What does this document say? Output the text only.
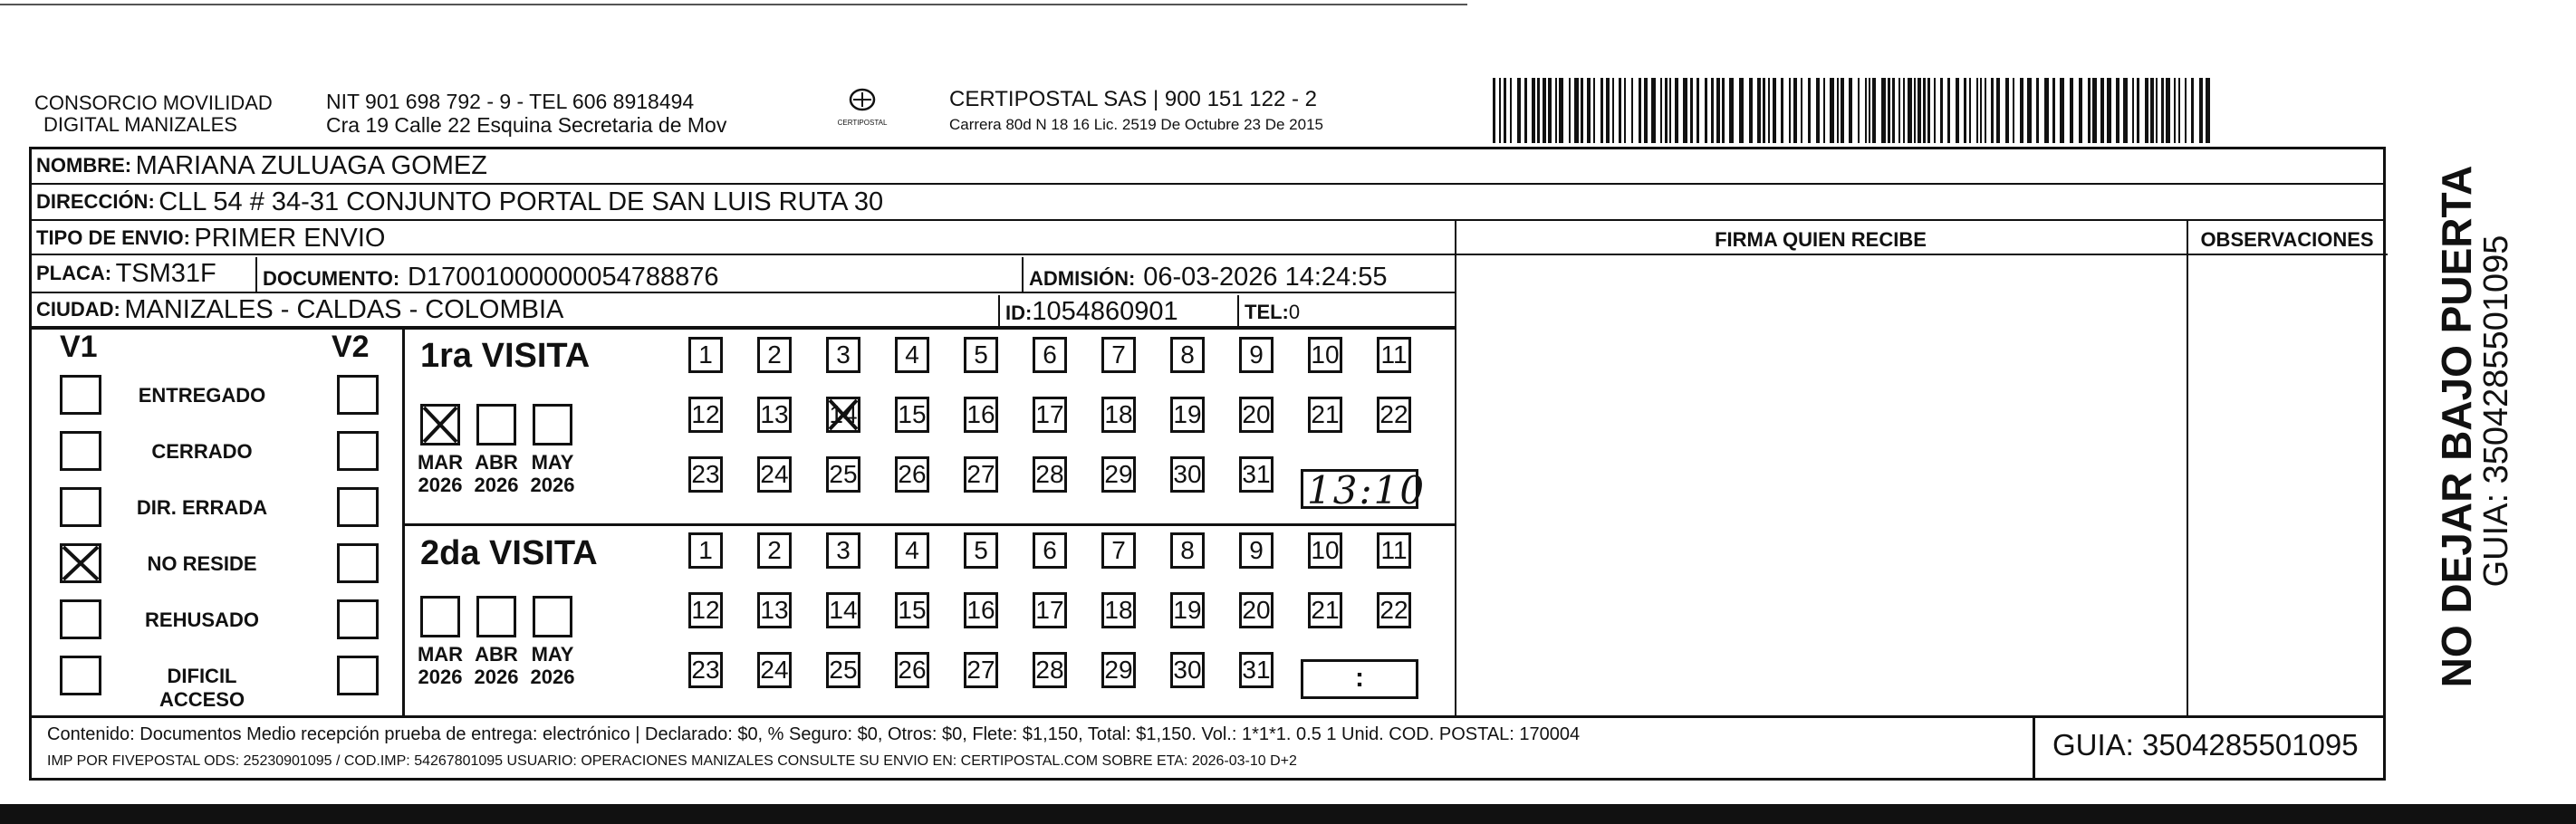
CONSORCIO MOVILIDAD
DIGITAL MANIZALES
NIT 901 698 792 - 9 - TEL 606 8918494
Cra 19 Calle 22 Esquina Secretaria de Mov	CERTIPOSTAL
CERTIPOSTAL SAS | 900 151 122 - 2
Carrera 80d N 18 16 Lic. 2519 De Octubre 23 De 2015
NOMBRE:
MARIANA ZULUAGA GOMEZ
DIRECCIÓN:
CLL 54 # 34-31 CONJUNTO PORTAL DE SAN LUIS RUTA 30
TIPO DE ENVIO:
PRIMER ENVIO
PLACA:
TSM31F DOCUMENTO: D17001000000054788876	ADMISIÓN: 06-03-2026 14:24:55
CIUDAD:
MANIZALES - CALDAS - COLOMBIA	ID:1054860901	TEL:0
FIRMA QUIEN RECIBE	OBSERVACIONES
V1	V2
ENTREGADO
CERRADO
DIR. ERRADA
NO RESIDE
REHUSADO
DIFICIL ACCESO
1ra VISITA
2da VISITA
MAR
2026
ABR
2026
MAY
2026
MAR
2026
ABR
2026
MAY
2026
1 2 3 4 5 6 7 8 9 10 11
12 13 14 15 16 17 18 19 20 21 22
23 24 25 26 27 28 29 30 31
1 2 3 4 5 6 7 8 9 10 11
12 13 14 15 16 17 18 19 20 21 22
23 24 25 26 27 28 29 30 31
13:10
:
Contenido: Documentos Medio recepción prueba de entrega: electrónico | Declarado: $0, % Seguro: $0, Otros: $0, Flete: $1,150, Total: $1,150. Vol.: 1*1*1. 0.5 1 Unid. COD. POSTAL: 170004
IMP POR FIVEPOSTAL ODS: 25230901095 / COD.IMP: 54267801095 USUARIO: OPERACIONES MANIZALES CONSULTE SU ENVIO EN: CERTIPOSTAL.COM SOBRE ETA: 2026-03-10 D+2	GUIA: 3504285501095
NO DEJAR BAJO PUERTA
GUIA: 3504285501095
